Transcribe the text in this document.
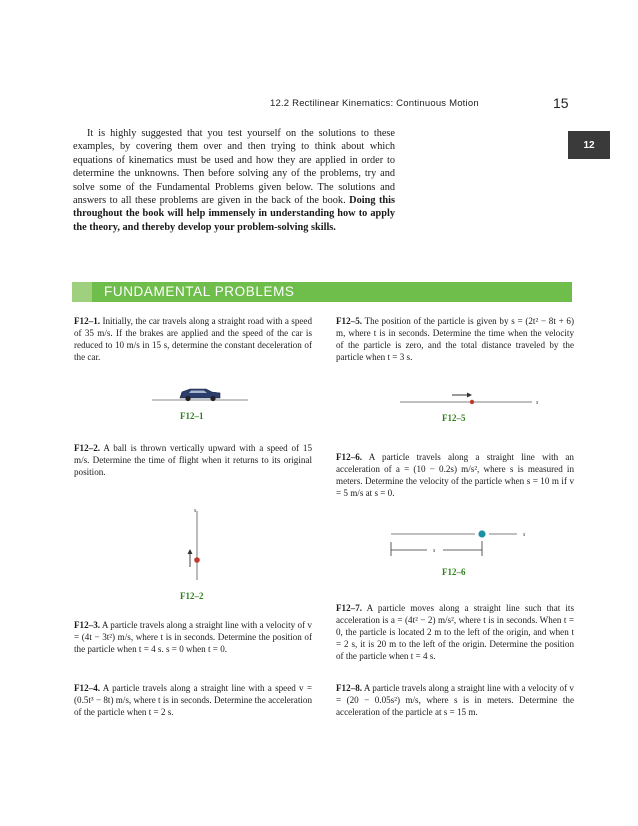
12.2 Rectilinear Kinematics: Continuous Motion	15
12
It is highly suggested that you test yourself on the solutions to these examples, by covering them over and then trying to think about which equations of kinematics must be used and how they are applied in order to determine the unknowns. Then before solving any of the problems, try and solve some of the Fundamental Problems given below. The solutions and answers to all these problems are given in the back of the book. Doing this throughout the book will help immensely in understanding how to apply the theory, and thereby develop your problem-solving skills.
FUNDAMENTAL PROBLEMS
F12–1. Initially, the car travels along a straight road with a speed of 35 m/s. If the brakes are applied and the speed of the car is reduced to 10 m/s in 15 s, determine the constant deceleration of the car.
F12–1
F12–2. A ball is thrown vertically upward with a speed of 15 m/s. Determine the time of flight when it returns to its original position.
s
F12–2
F12–3. A particle travels along a straight line with a velocity of v = (4t − 3t²) m/s, where t is in seconds. Determine the position of the particle when t = 4 s. s = 0 when t = 0.
F12–4. A particle travels along a straight line with a speed v = (0.5t³ − 8t) m/s, where t is in seconds. Determine the acceleration of the particle when t = 2 s.
F12–5. The position of the particle is given by s = (2t² − 8t + 6) m, where t is in seconds. Determine the time when the velocity of the particle is zero, and the total distance traveled by the particle when t = 3 s.
s
F12–5
F12–6. A particle travels along a straight line with an acceleration of a = (10 − 0.2s) m/s², where s is measured in meters. Determine the velocity of the particle when s = 10 m if v = 5 m/s at s = 0.
s
s
F12–6
F12–7. A particle moves along a straight line such that its acceleration is a = (4t² − 2) m/s², where t is in seconds. When t = 0, the particle is located 2 m to the left of the origin, and when t = 2 s, it is 20 m to the left of the origin. Determine the position of the particle when t = 4 s.
F12–8. A particle travels along a straight line with a velocity of v = (20 − 0.05s²) m/s, where s is in meters. Determine the acceleration of the particle at s = 15 m.
